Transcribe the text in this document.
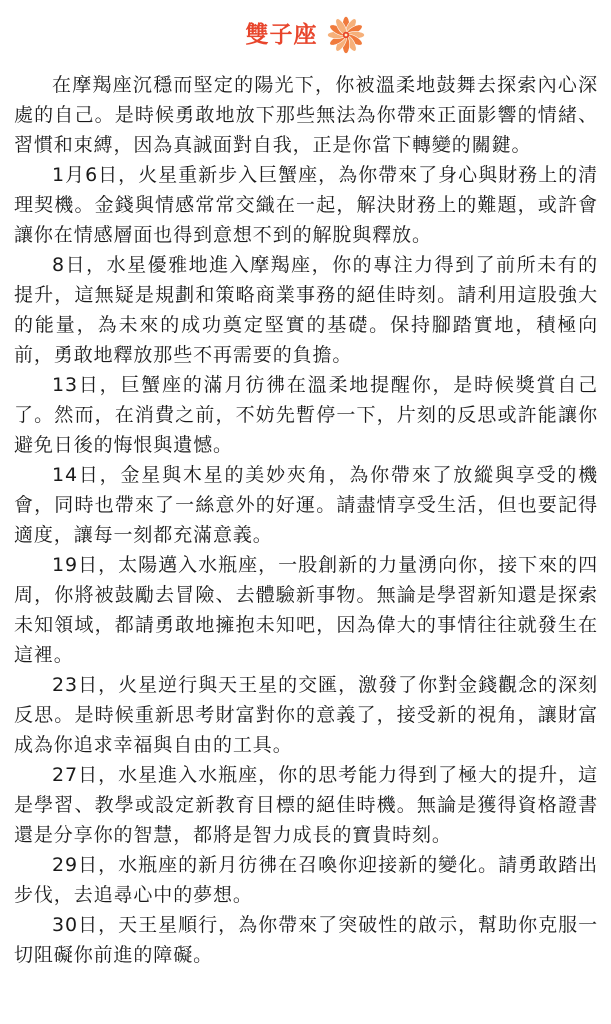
雙子座

在摩羯座沉穩而堅定的陽光下，你被溫柔地鼓舞去探索內心深處的自己。是時候勇敢地放下那些無法為你帶來正面影響的情緒、習慣和束縛，因為真誠面對自我，正是你當下轉變的關鍵。

1月6日，火星重新步入巨蟹座，為你帶來了身心與財務上的清理契機。金錢與情感常常交織在一起，解決財務上的難題，或許會讓你在情感層面也得到意想不到的解脫與釋放。

8日，水星優雅地進入摩羯座，你的專注力得到了前所未有的提升，這無疑是規劃和策略商業事務的絕佳時刻。請利用這股強大的能量，為未來的成功奠定堅實的基礎。保持腳踏實地，積極向前，勇敢地釋放那些不再需要的負擔。

13日，巨蟹座的滿月彷彿在溫柔地提醒你，是時候獎賞自己了。然而，在消費之前，不妨先暫停一下，片刻的反思或許能讓你避免日後的悔恨與遺憾。

14日，金星與木星的美妙夾角，為你帶來了放縱與享受的機會，同時也帶來了一絲意外的好運。請盡情享受生活，但也要記得適度，讓每一刻都充滿意義。

19日，太陽邁入水瓶座，一股創新的力量湧向你，接下來的四周，你將被鼓勵去冒險、去體驗新事物。無論是學習新知還是探索未知領域，都請勇敢地擁抱未知吧，因為偉大的事情往往就發生在這裡。

23日，火星逆行與天王星的交匯，激發了你對金錢觀念的深刻反思。是時候重新思考財富對你的意義了，接受新的視角，讓財富成為你追求幸福與自由的工具。

27日，水星進入水瓶座，你的思考能力得到了極大的提升，這是學習、教學或設定新教育目標的絕佳時機。無論是獲得資格證書還是分享你的智慧，都將是智力成長的寶貴時刻。

29日，水瓶座的新月彷彿在召喚你迎接新的變化。請勇敢踏出步伐，去追尋心中的夢想。

30日，天王星順行，為你帶來了突破性的啟示，幫助你克服一切阻礙你前進的障礙。
